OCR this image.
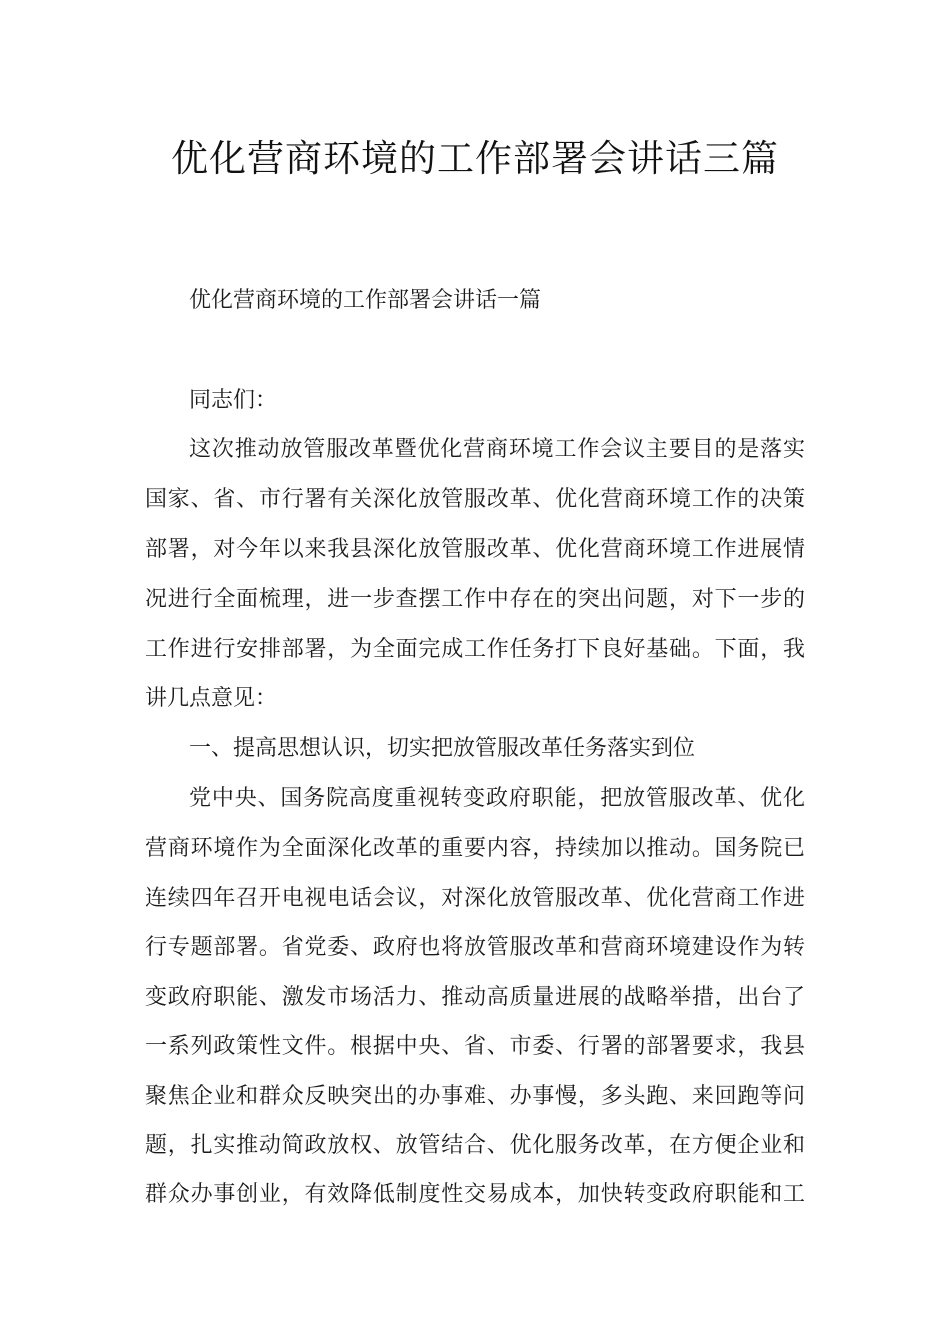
优化营商环境的工作部署会讲话三篇

优化营商环境的工作部署会讲话一篇

同志们：

这次推动放管服改革暨优化营商环境工作会议主要目的是落实

国家、省、市行署有关深化放管服改革、优化营商环境工作的决策

部署，对今年以来我县深化放管服改革、优化营商环境工作进展情

况进行全面梳理，进一步查摆工作中存在的突出问题，对下一步的

工作进行安排部署，为全面完成工作任务打下良好基础。下面，我

讲几点意见：

一、提高思想认识，切实把放管服改革任务落实到位

党中央、国务院高度重视转变政府职能，把放管服改革、优化

营商环境作为全面深化改革的重要内容，持续加以推动。国务院已

连续四年召开电视电话会议，对深化放管服改革、优化营商工作进

行专题部署。省党委、政府也将放管服改革和营商环境建设作为转

变政府职能、激发市场活力、推动高质量进展的战略举措，出台了

一系列政策性文件。根据中央、省、市委、行署的部署要求，我县

聚焦企业和群众反映突出的办事难、办事慢，多头跑、来回跑等问

题，扎实推动简政放权、放管结合、优化服务改革，在方便企业和

群众办事创业，有效降低制度性交易成本，加快转变政府职能和工
